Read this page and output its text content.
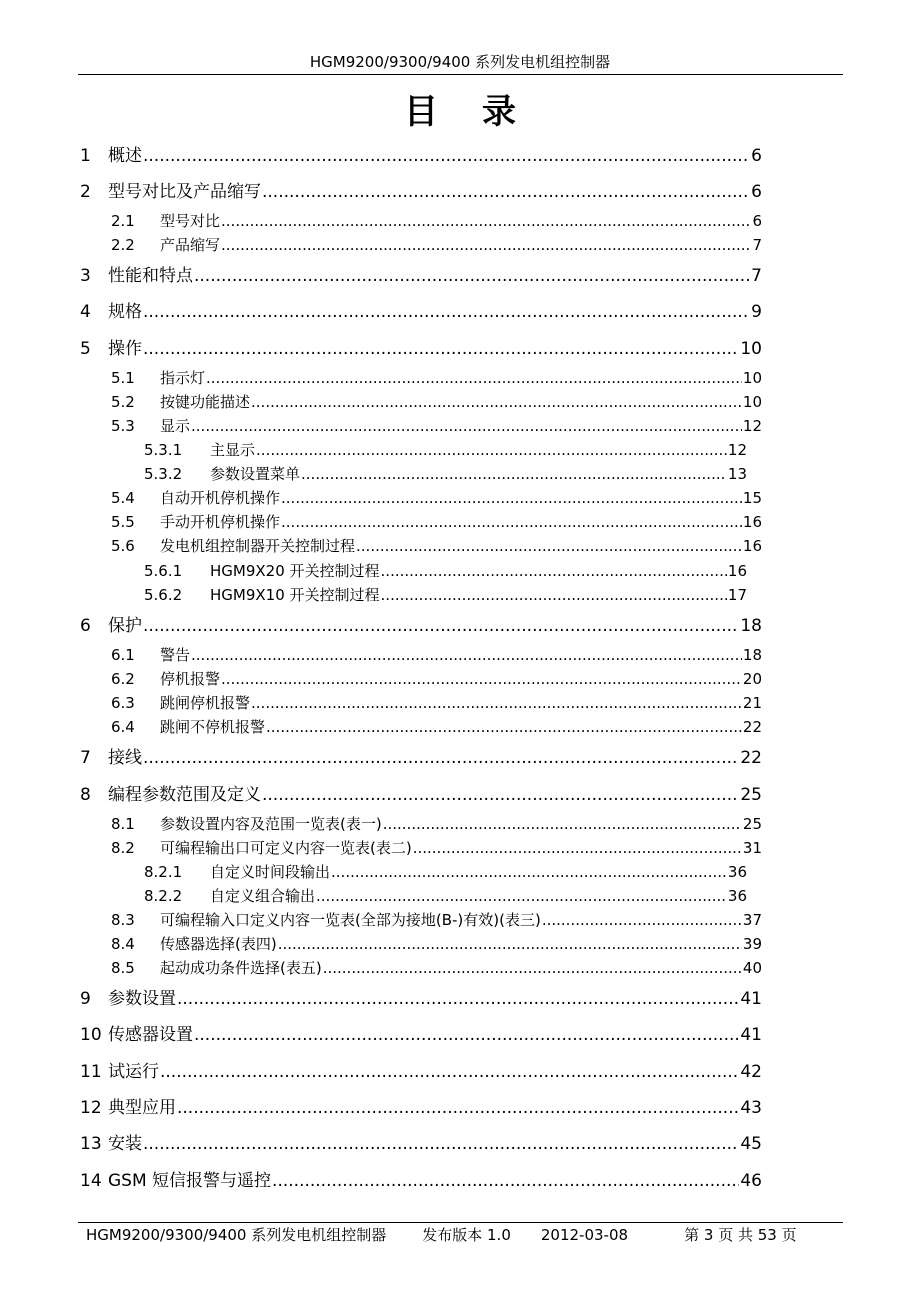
HGM9200/9300/9400 系列发电机组控制器
目 录
1	概述 .....	6
2	型号对比及产品缩写 .....	6
2.1	型号对比 .....	6
2.2	产品缩写 .....	7
3	性能和特点 .....	7
4	规格 .....	9
5	操作 .....	10
5.1	指示灯 .....	10
5.2	按键功能描述 .....	10
5.3	显示 .....	12
5.3.1	主显示 .....	12
5.3.2	参数设置菜单 .....	13
5.4	自动开机停机操作 .....	15
5.5	手动开机停机操作 .....	16
5.6	发电机组控制器开关控制过程 .....	16
5.6.1	HGM9X20 开关控制过程 .....	16
5.6.2	HGM9X10 开关控制过程 .....	17
6	保护 .....	18
6.1	警告 .....	18
6.2	停机报警 .....	20
6.3	跳闸停机报警 .....	21
6.4	跳闸不停机报警 .....	22
7	接线 .....	22
8	编程参数范围及定义 .....	25
8.1	参数设置内容及范围一览表(表一) .....	25
8.2	可编程输出口可定义内容一览表(表二) .....	31
8.2.1	自定义时间段输出 .....	36
8.2.2	自定义组合输出 .....	36
8.3	可编程输入口定义内容一览表(全部为接地(B-)有效)(表三) .....	37
8.4	传感器选择(表四) .....	39
8.5	起动成功条件选择(表五) .....	40
9	参数设置 .....	41
10 传感器设置 .....	41
11 试运行 .....	42
12 典型应用 .....	43
13 安装 .....	45
14 GSM 短信报警与遥控 .....	46
HGM9200/9300/9400 系列发电机组控制器 发布版本 1.0 2012-03-08	第 3 页 共 53 页
